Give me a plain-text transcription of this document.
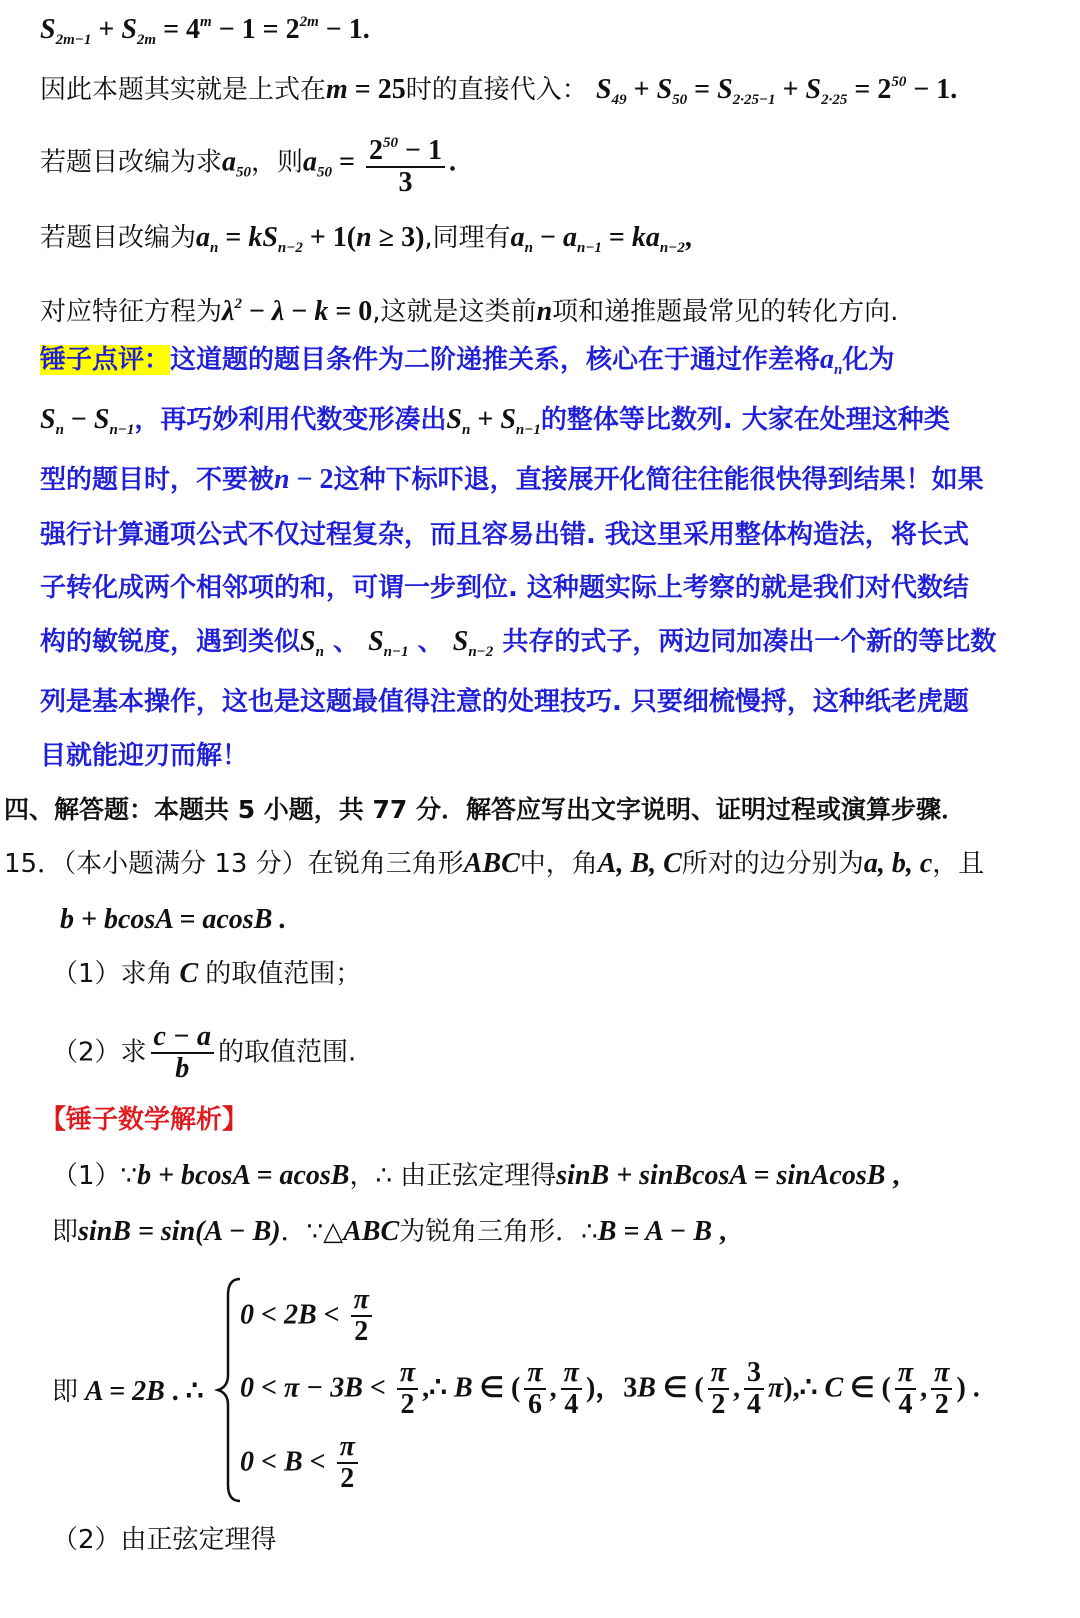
$S_{2m-1} + S_{2m} = 4^m - 1 = 2^{2m} - 1$.
因此本题其实就是上式在m = 25时的直接代入： $S_{49} + S_{50} = S_{2\cdot 25-1} + S_{2\cdot 25} = 2^{50} - 1$.
若题目改编为求$a_{50}$，则$a_{50} = \frac{2^{50} - 1}{3}$ .
若题目改编为$a_n = kS_{n-2} + 1(n \ge 3)$,同理有$a_n - a_{n-1} = ka_{n-2}$,
对应特征方程为$\lambda^2 - \lambda - k = 0$,这就是这类前n项和递推题最常见的转化方向.
锤子点评：这道题的题目条件为二阶递推关系，核心在于通过作差将$a_n$化为
$S_n - S_{n-1}$，再巧妙利用代数变形凑出$S_n + S_{n-1}$的整体等比数列. 大家在处理这种类
型的题目时，不要被n − 2这种下标吓退，直接展开化简往往能很快得到结果！如果
强行计算通项公式不仅过程复杂，而且容易出错. 我这里采用整体构造法，将长式
子转化成两个相邻项的和，可谓一步到位. 这种题实际上考察的就是我们对代数结
构的敏锐度，遇到类似$S_n$ 、 $S_{n-1}$ 、 $S_{n-2}$ 共存的式子，两边同加凑出一个新的等比数
列是基本操作，这也是这题最值得注意的处理技巧. 只要细梳慢捋，这种纸老虎题
目就能迎刃而解！
四、解答题：本题共 5 小题，共 77 分．解答应写出文字说明、证明过程或演算步骤．
15．（本小题满分 13 分）在锐角三角形ABC中，角A, B, C所对的边分别为a, b, c，且
b + bcosA = acosB .
（1）求角 C 的取值范围；
（2）求 $\frac{c - a}{b}$ 的取值范围.
【锤子数学解析】
（1）∵b + bcosA = acosB，∴ 由正弦定理得sinB + sinBcosA = sinAcosB ,
即sinB = sin(A − B)．∵△ABC为锐角三角形．∴B = A − B ,
$0 < 2B < \frac{\pi}{2}$
即 A = 2B . ∴ $0 < \pi - 3B < \frac{\pi}{2}$ ,∴ B ∈ ( $\frac{\pi}{6}$ , $\frac{\pi}{4}$ )，3B ∈ ( $\frac{\pi}{2}$ , $\frac{3}{4}$ π),∴ C ∈ ( $\frac{\pi}{4}$ , $\frac{\pi}{2}$ ) .
$0 < B < \frac{\pi}{2}$
（2）由正弦定理得
